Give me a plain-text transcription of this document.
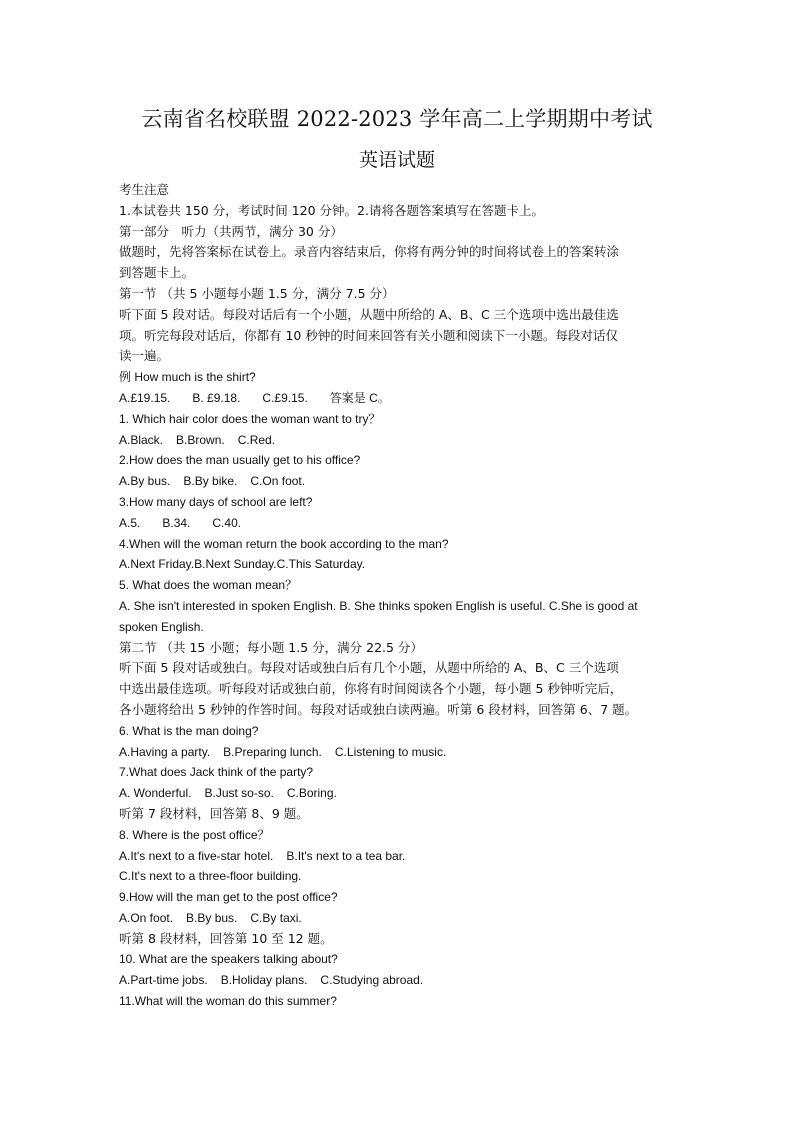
云南省名校联盟 2022-2023 学年高二上学期期中考试
英语试题
考生注意
1.本试卷共 150 分，考试时间 120 分钟。2.请将各题答案填写在答题卡上。
第一部分　听力（共两节，满分 30 分）
做题时，先将答案标在试卷上。录音内容结束后，你将有两分钟的时间将试卷上的答案转涂
到答题卡上。
第一节 （共 5 小题每小题 1.5 分，满分 7.5 分）
听下面 5 段对话。每段对话后有一个小题，从题中所给的 A、B、C 三个选项中选出最佳选
项。听完每段对话后，你都有 10 秒钟的时间来回答有关小题和阅读下一小题。每段对话仅
读一遍。
例 How much is the shirt?
A.£19.15. B. £9.18. C.£9.15. 答案是 C。
1. Which hair color does the woman want to try？
A.Black. B.Brown. C.Red.
2.How does the man usually get to his office?
A.By bus. B.By bike. C.On foot.
3.How many days of school are left?
A.5. B.34. C.40.
4.When will the woman return the book according to the man?
A.Next Friday.B.Next Sunday.C.This Saturday.
5. What does the woman mean？
A. She isn't interested in spoken English. B. She thinks spoken English is useful. C.She is good at
spoken English.
第二节 （共 15 小题；每小题 1.5 分，满分 22.5 分）
听下面 5 段对话或独白。每段对话或独白后有几个小题，从题中所给的 A、B、C 三个选项
中选出最佳选项。听每段对话或独白前，你将有时间阅读各个小题，每小题 5 秒钟听完后，
各小题将给出 5 秒钟的作答时间。每段对话或独白读两遍。听第 6 段材料，回答第 6、7 题。
6. What is the man doing?
A.Having a party. B.Preparing lunch. C.Listening to music.
7.What does Jack think of the party?
A. Wonderful. B.Just so-so. C.Boring.
听第 7 段材料，回答第 8、9 题。
8. Where is the post office？
A.It's next to a five-star hotel. B.It's next to a tea bar.
C.It's next to a three-floor building.
9.How will the man get to the post office?
A.On foot. B.By bus. C.By taxi.
听第 8 段材料，回答第 10 至 12 题。
10. What are the speakers talking about?
A.Part-time jobs. B.Holiday plans. C.Studying abroad.
11.What will the woman do this summer?
